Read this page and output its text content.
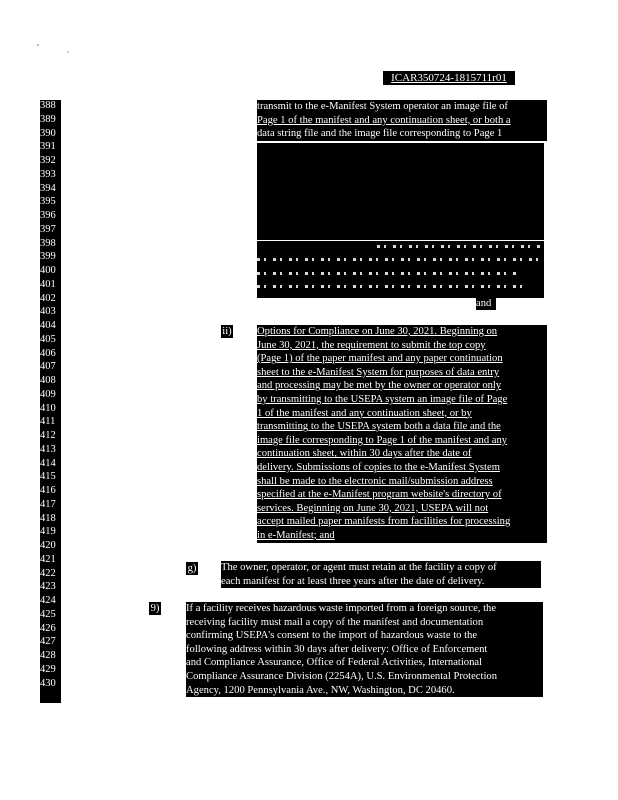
ICAR350724-1815711r01
388
389
390
391
392
393
394
395
396
397
398
399
400
401
402
403
404
405
406
407
408
409
410
411
412
413
414
415
416
417
418
419
420
421
422
423
424
425
426
427
428
429
430
transmit to the e-Manifest System operator an image file of
Page 1 of the manifest and any continuation sheet, or both a
data string file and the image file corresponding to Page 1
and
ii) Options for Compliance on June 30, 2021. Beginning on
June 30, 2021, the requirement to submit the top copy
(Page 1) of the paper manifest and any paper continuation
sheet to the e-Manifest System for purposes of data entry
and processing may be met by the owner or operator only
by transmitting to the USEPA system an image file of Page
1 of the manifest and any continuation sheet, or by
transmitting to the USEPA system both a data file and the
image file corresponding to Page 1 of the manifest and any
continuation sheet, within 30 days after the date of
delivery. Submissions of copies to the e-Manifest System
shall be made to the electronic mail/submission address
specified at the e-Manifest program website's directory of
services. Beginning on June 30, 2021, USEPA will not
accept mailed paper manifests from facilities for processing
in e-Manifest; and
g) The owner, operator, or agent must retain at the facility a copy of
each manifest for at least three years after the date of delivery.
9)	If a facility receives hazardous waste imported from a foreign source, the
receiving facility must mail a copy of the manifest and documentation
confirming USEPA's consent to the import of hazardous waste to the
following address within 30 days after delivery: Office of Enforcement
and Compliance Assurance, Office of Federal Activities, International
Compliance Assurance Division (2254A), U.S. Environmental Protection
Agency, 1200 Pennsylvania Ave., NW, Washington, DC 20460.
